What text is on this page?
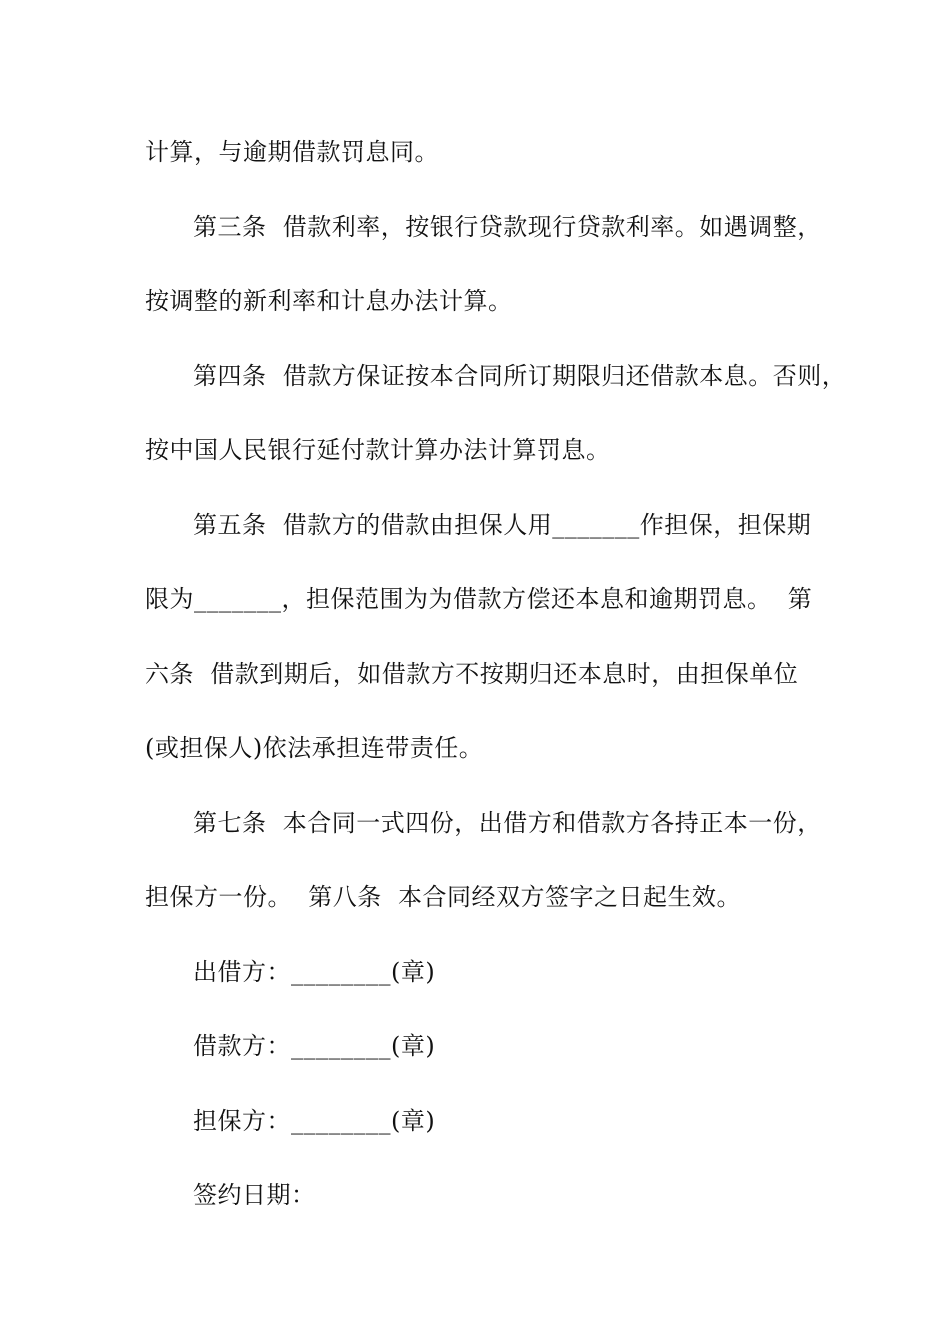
计算，与逾期借款罚息同。
第三条  借款利率，按银行贷款现行贷款利率。如遇调整，
按调整的新利率和计息办法计算。
第四条  借款方保证按本合同所订期限归还借款本息。否则，
按中国人民银行延付款计算办法计算罚息。
第五条  借款方的借款由担保人用_______作担保，担保期
限为_______，担保范围为为借款方偿还本息和逾期罚息。  第
六条  借款到期后，如借款方不按期归还本息时，由担保单位
(或担保人)依法承担连带责任。
第七条  本合同一式四份，出借方和借款方各持正本一份，
担保方一份。  第八条  本合同经双方签字之日起生效。
出借方：________(章)
借款方：________(章)
担保方：________(章)
签约日期：
